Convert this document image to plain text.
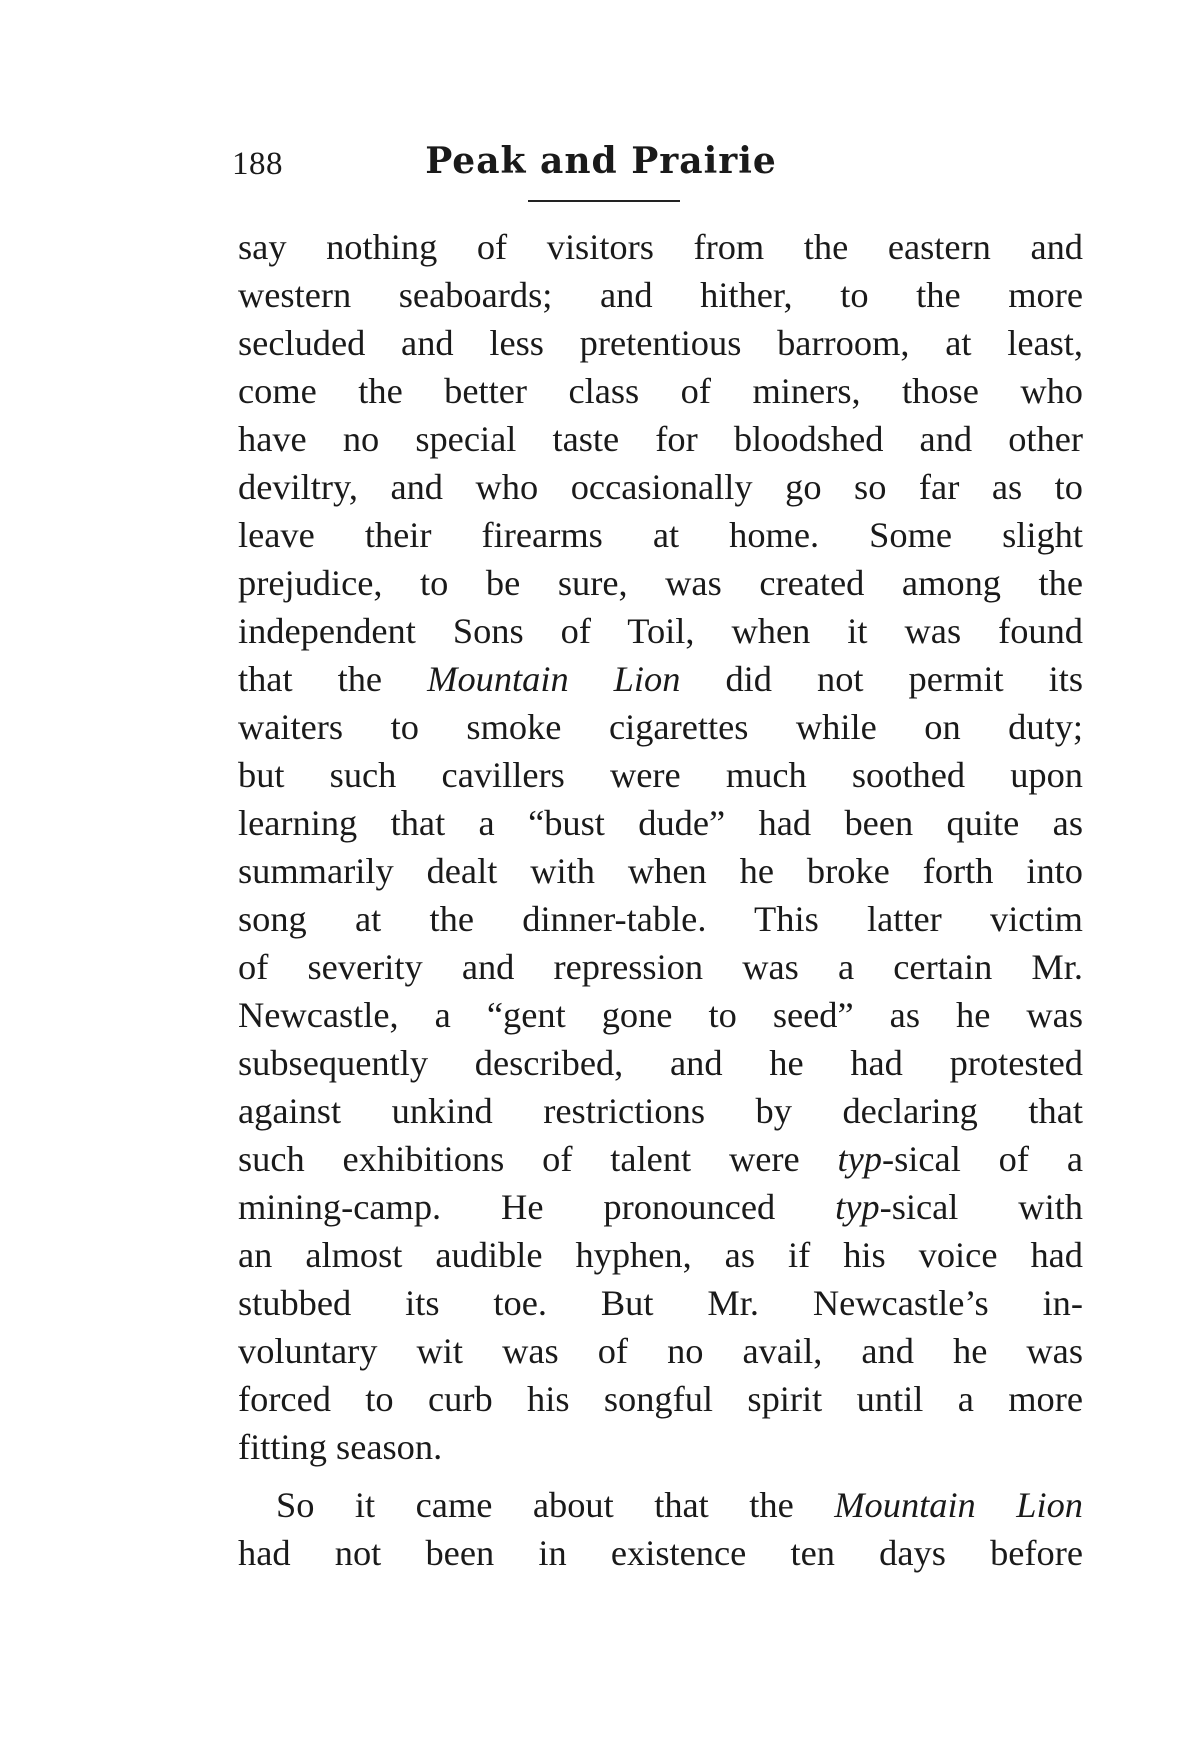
188	Peak and Prairie
say nothing of visitors from the eastern and
western seaboards; and hither, to the more
secluded and less pretentious barroom, at least,
come the better class of miners, those who
have no special taste for bloodshed and other
deviltry, and who occasionally go so far as to
leave their firearms at home. Some slight
prejudice, to be sure, was created among the
independent Sons of Toil, when it was found
that the Mountain Lion did not permit its
waiters to smoke cigarettes while on duty;
but such cavillers were much soothed upon
learning that a “bust dude” had been quite as
summarily dealt with when he broke forth into
song at the dinner-table. This latter victim
of severity and repression was a certain Mr.
Newcastle, a “gent gone to seed” as he was
subsequently described, and he had protested
against unkind restrictions by declaring that
such exhibitions of talent were typ-sical of a
mining-camp. He pronounced typ-sical with
an almost audible hyphen, as if his voice had
stubbed its toe. But Mr. Newcastle’s in-
voluntary wit was of no avail, and he was
forced to curb his songful spirit until a more
fitting season.
So it came about that the Mountain Lion
had not been in existence ten days before
